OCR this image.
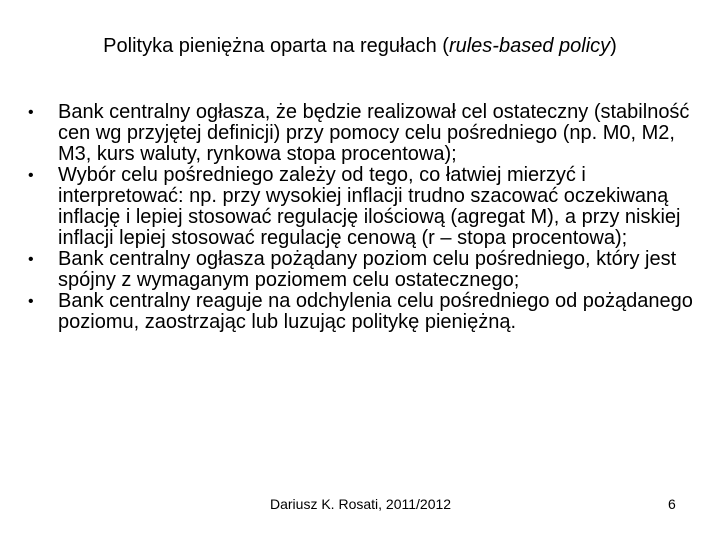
Polityka pieniężna oparta na regułach (rules-based policy)
•	Bank centralny ogłasza, że będzie realizował cel ostateczny (stabilność cen wg przyjętej definicji) przy pomocy celu pośredniego (np. M0, M2, M3, kurs waluty, rynkowa stopa procentowa);
•	Wybór celu pośredniego zależy od tego, co łatwiej mierzyć i interpretować: np. przy wysokiej inflacji trudno szacować oczekiwaną inflację i lepiej stosować regulację ilościową (agregat M), a przy niskiej inflacji lepiej stosować regulację cenową (r – stopa procentowa);
•	Bank centralny ogłasza pożądany poziom celu pośredniego, który jest spójny z wymaganym poziomem celu ostatecznego;
•	Bank centralny reaguje na odchylenia celu pośredniego od pożądanego poziomu, zaostrzając lub luzując politykę pieniężną.
Dariusz K. Rosati, 2011/2012	6
